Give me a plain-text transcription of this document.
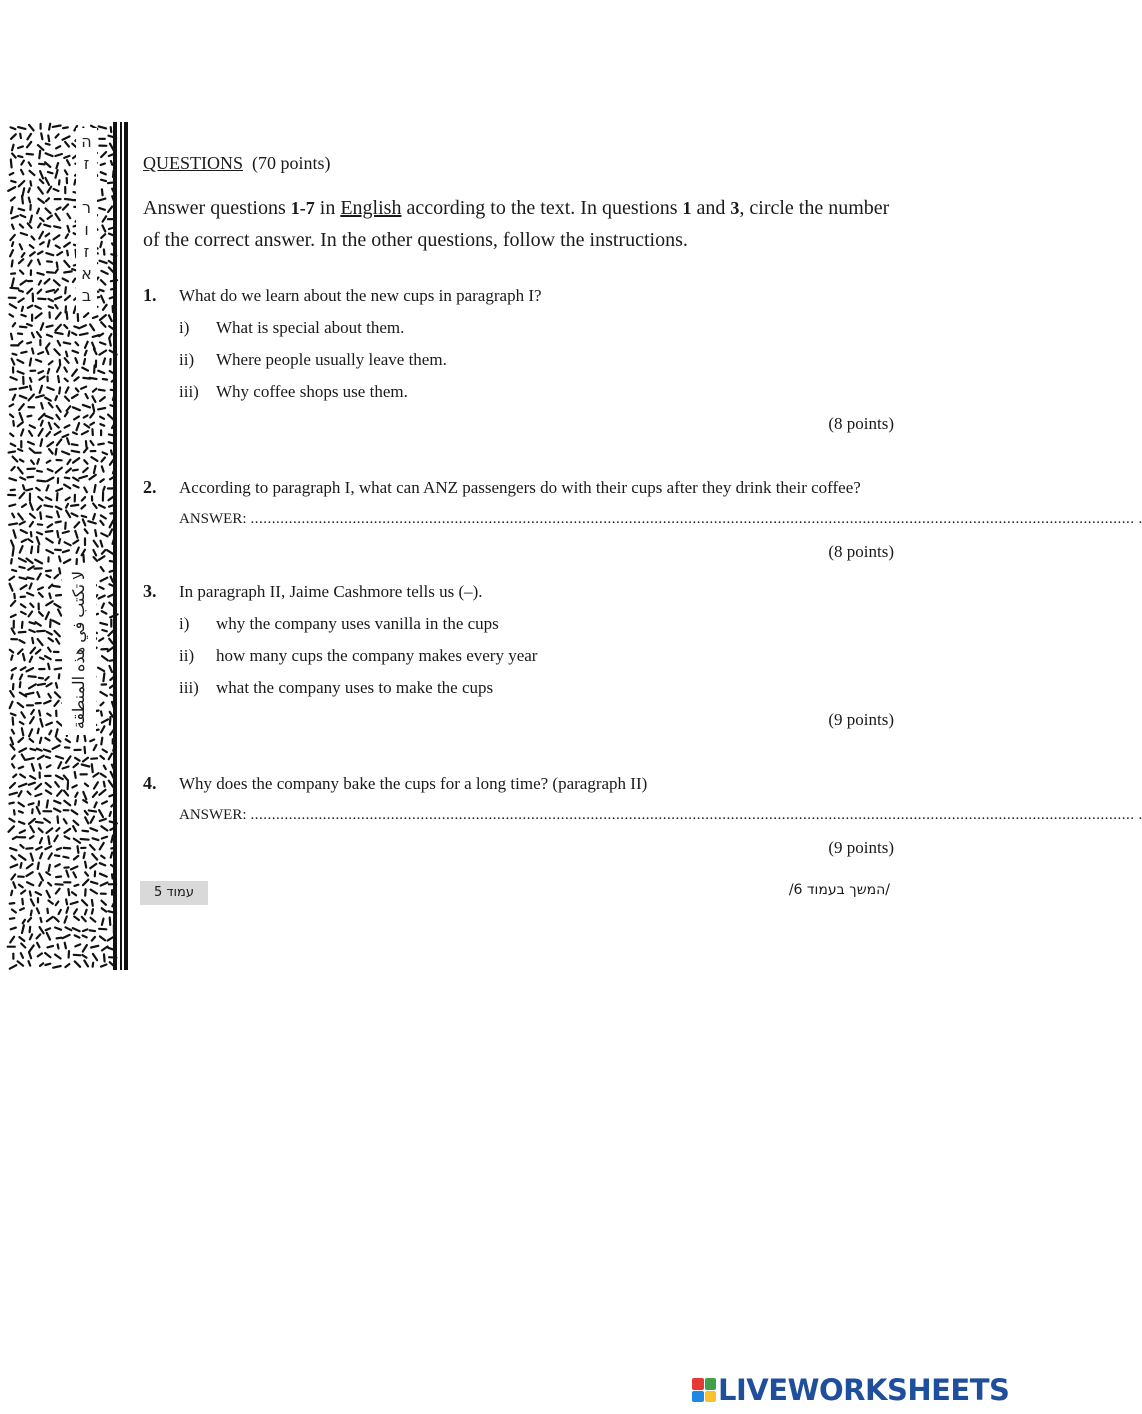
באזור זה
لا تكتب في هذه المنطقة
QUESTIONS (70 points)
Answer questions 1-7 in English according to the text. In questions 1 and 3, circle the number of the correct answer. In the other questions, follow the instructions.
1. What do we learn about the new cups in paragraph I?
i) What is special about them.
ii) Where people usually leave them.
iii) Why coffee shops use them.
(8 points)
2. According to paragraph I, what can ANZ passengers do with their cups after they drink their coffee?
ANSWER: ................................................................................................................................................................................................................ .
(8 points)
3. In paragraph II, Jaime Cashmore tells us (–).
i) why the company uses vanilla in the cups
ii) how many cups the company makes every year
iii) what the company uses to make the cups
(9 points)
4. Why does the company bake the cups for a long time? (paragraph II)
ANSWER: ................................................................................................................................................................................................................ .
(9 points)
עמוד 5	/המשך בעמוד 6/
LIVEWORKSHEETS
